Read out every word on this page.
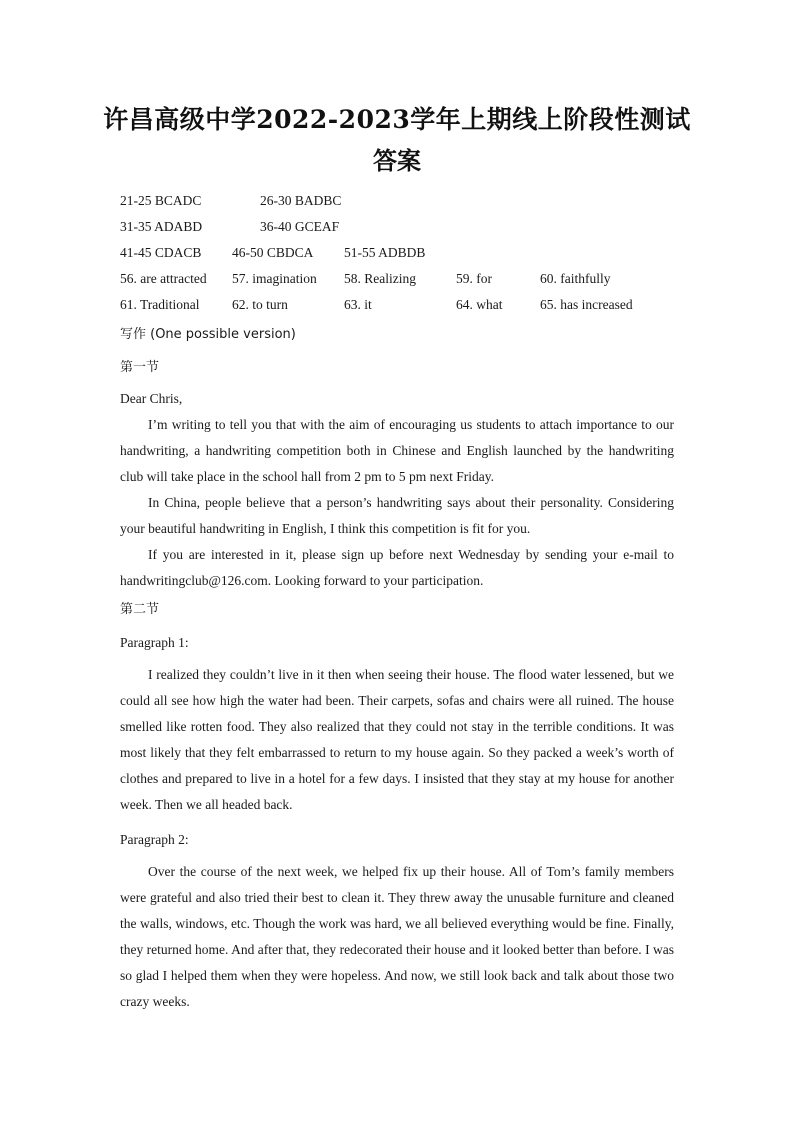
许昌高级中学2022-2023学年上期线上阶段性测试
答案
21-25 BCADC	26-30 BADBC
31-35 ADABD	36-40 GCEAF
41-45 CDACB 46-50 CBDCA 51-55 ADBDB
56. are attracted 57. imagination 58. Realizing	59. for	60. faithfully
61. Traditional 62. to turn	63. it	64. what	65. has increased
写作 (One possible version)
第一节
Dear Chris,

I’m writing to tell you that with the aim of encouraging us students to attach importance to our handwriting, a handwriting competition both in Chinese and English launched by the handwriting club will take place in the school hall from 2 pm to 5 pm next Friday.

In China, people believe that a person’s handwriting says about their personality. Considering your beautiful handwriting in English, I think this competition is fit for you.

If you are interested in it, please sign up before next Wednesday by sending your e-mail to handwritingclub@126.com. Looking forward to your participation.

第二节
Paragraph 1:

I realized they couldn’t live in it then when seeing their house. The flood water lessened, but we could all see how high the water had been. Their carpets, sofas and chairs were all ruined. The house smelled like rotten food. They also realized that they could not stay in the terrible conditions. It was most likely that they felt embarrassed to return to my house again. So they packed a week’s worth of clothes and prepared to live in a hotel for a few days. I insisted that they stay at my house for another week. Then we all headed back.

Paragraph 2:

Over the course of the next week, we helped fix up their house. All of Tom’s family members were grateful and also tried their best to clean it. They threw away the unusable furniture and cleaned the walls, windows, etc. Though the work was hard, we all believed everything would be fine. Finally, they returned home. And after that, they redecorated their house and it looked better than before. I was so glad I helped them when they were hopeless. And now, we still look back and talk about those two crazy weeks.
